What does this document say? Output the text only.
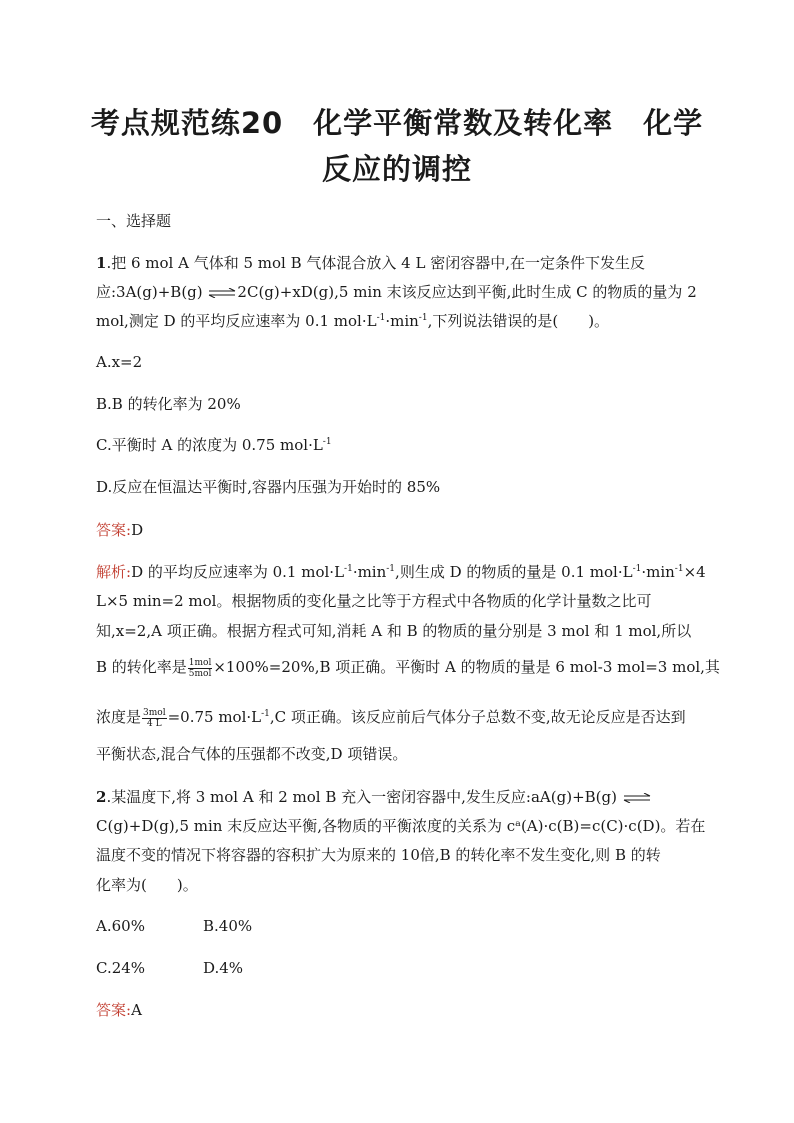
考点规范练20　化学平衡常数及转化率　化学
反应的调控
一、选择题
1.把 6 mol A 气体和 5 mol B 气体混合放入 4 L 密闭容器中,在一定条件下发生反
应:3A(g)+B(g) ⇌2C(g)+xD(g),5 min 末该反应达到平衡,此时生成 C 的物质的量为 2
mol,测定 D 的平均反应速率为 0.1 $mol\cdot L^{-1}\cdot\min^{-1}$,下列说法错误的是(　　)。
A.x=2
B.B 的转化率为 20%
C.平衡时 A 的浓度为 0.75 $mol\cdot L^{-1}$
D.反应在恒温达平衡时,容器内压强为开始时的 85%
答案:D
解析:D 的平均反应速率为 0.1 $mol\cdot L^{-1}\cdot\min^{-1}$,则生成 D 的物质的量是 0.1 $mol\cdot L^{-1}\cdot\min^{-1}\times 4$
L×5 min=2 mol。根据物质的变化量之比等于方程式中各物质的化学计量数之比可
知,x=2,A 项正确。根据方程式可知,消耗 A 和 B 的物质的量分别是 3 mol 和 1 mol,所以
B 的转化率是 $\frac{\text{1mol}}{\text{5mol}} \times 100\%=20\%,B$ 项正确。平衡时 A 的物质的量是 6 mol-3 mol=3 mol,其
浓度是 $\frac{\text{3mol}}{4 L} =0.75$ $mol\cdot L^{-1},C$ 项正确。该反应前后气体分子总数不变,故无论反应是否达到
平衡状态,混合气体的压强都不改变,D 项错误。
2.某温度下,将 3 mol A 和 2 mol B 充入一密闭容器中,发生反应:aA(g)+B(g) ⇌
C(g)+D(g),5 min 末反应达平衡,各物质的平衡浓度的关系为 cᵃ(A)·c(B)=c(C)·c(D)。若在
温度不变的情况下将容器的容积扩大为原来的 10倍,B 的转化率不发生变化,则 B 的转
化率为(　　)。
A.60%	B.40%
C.24%	D.4%
答案:A
